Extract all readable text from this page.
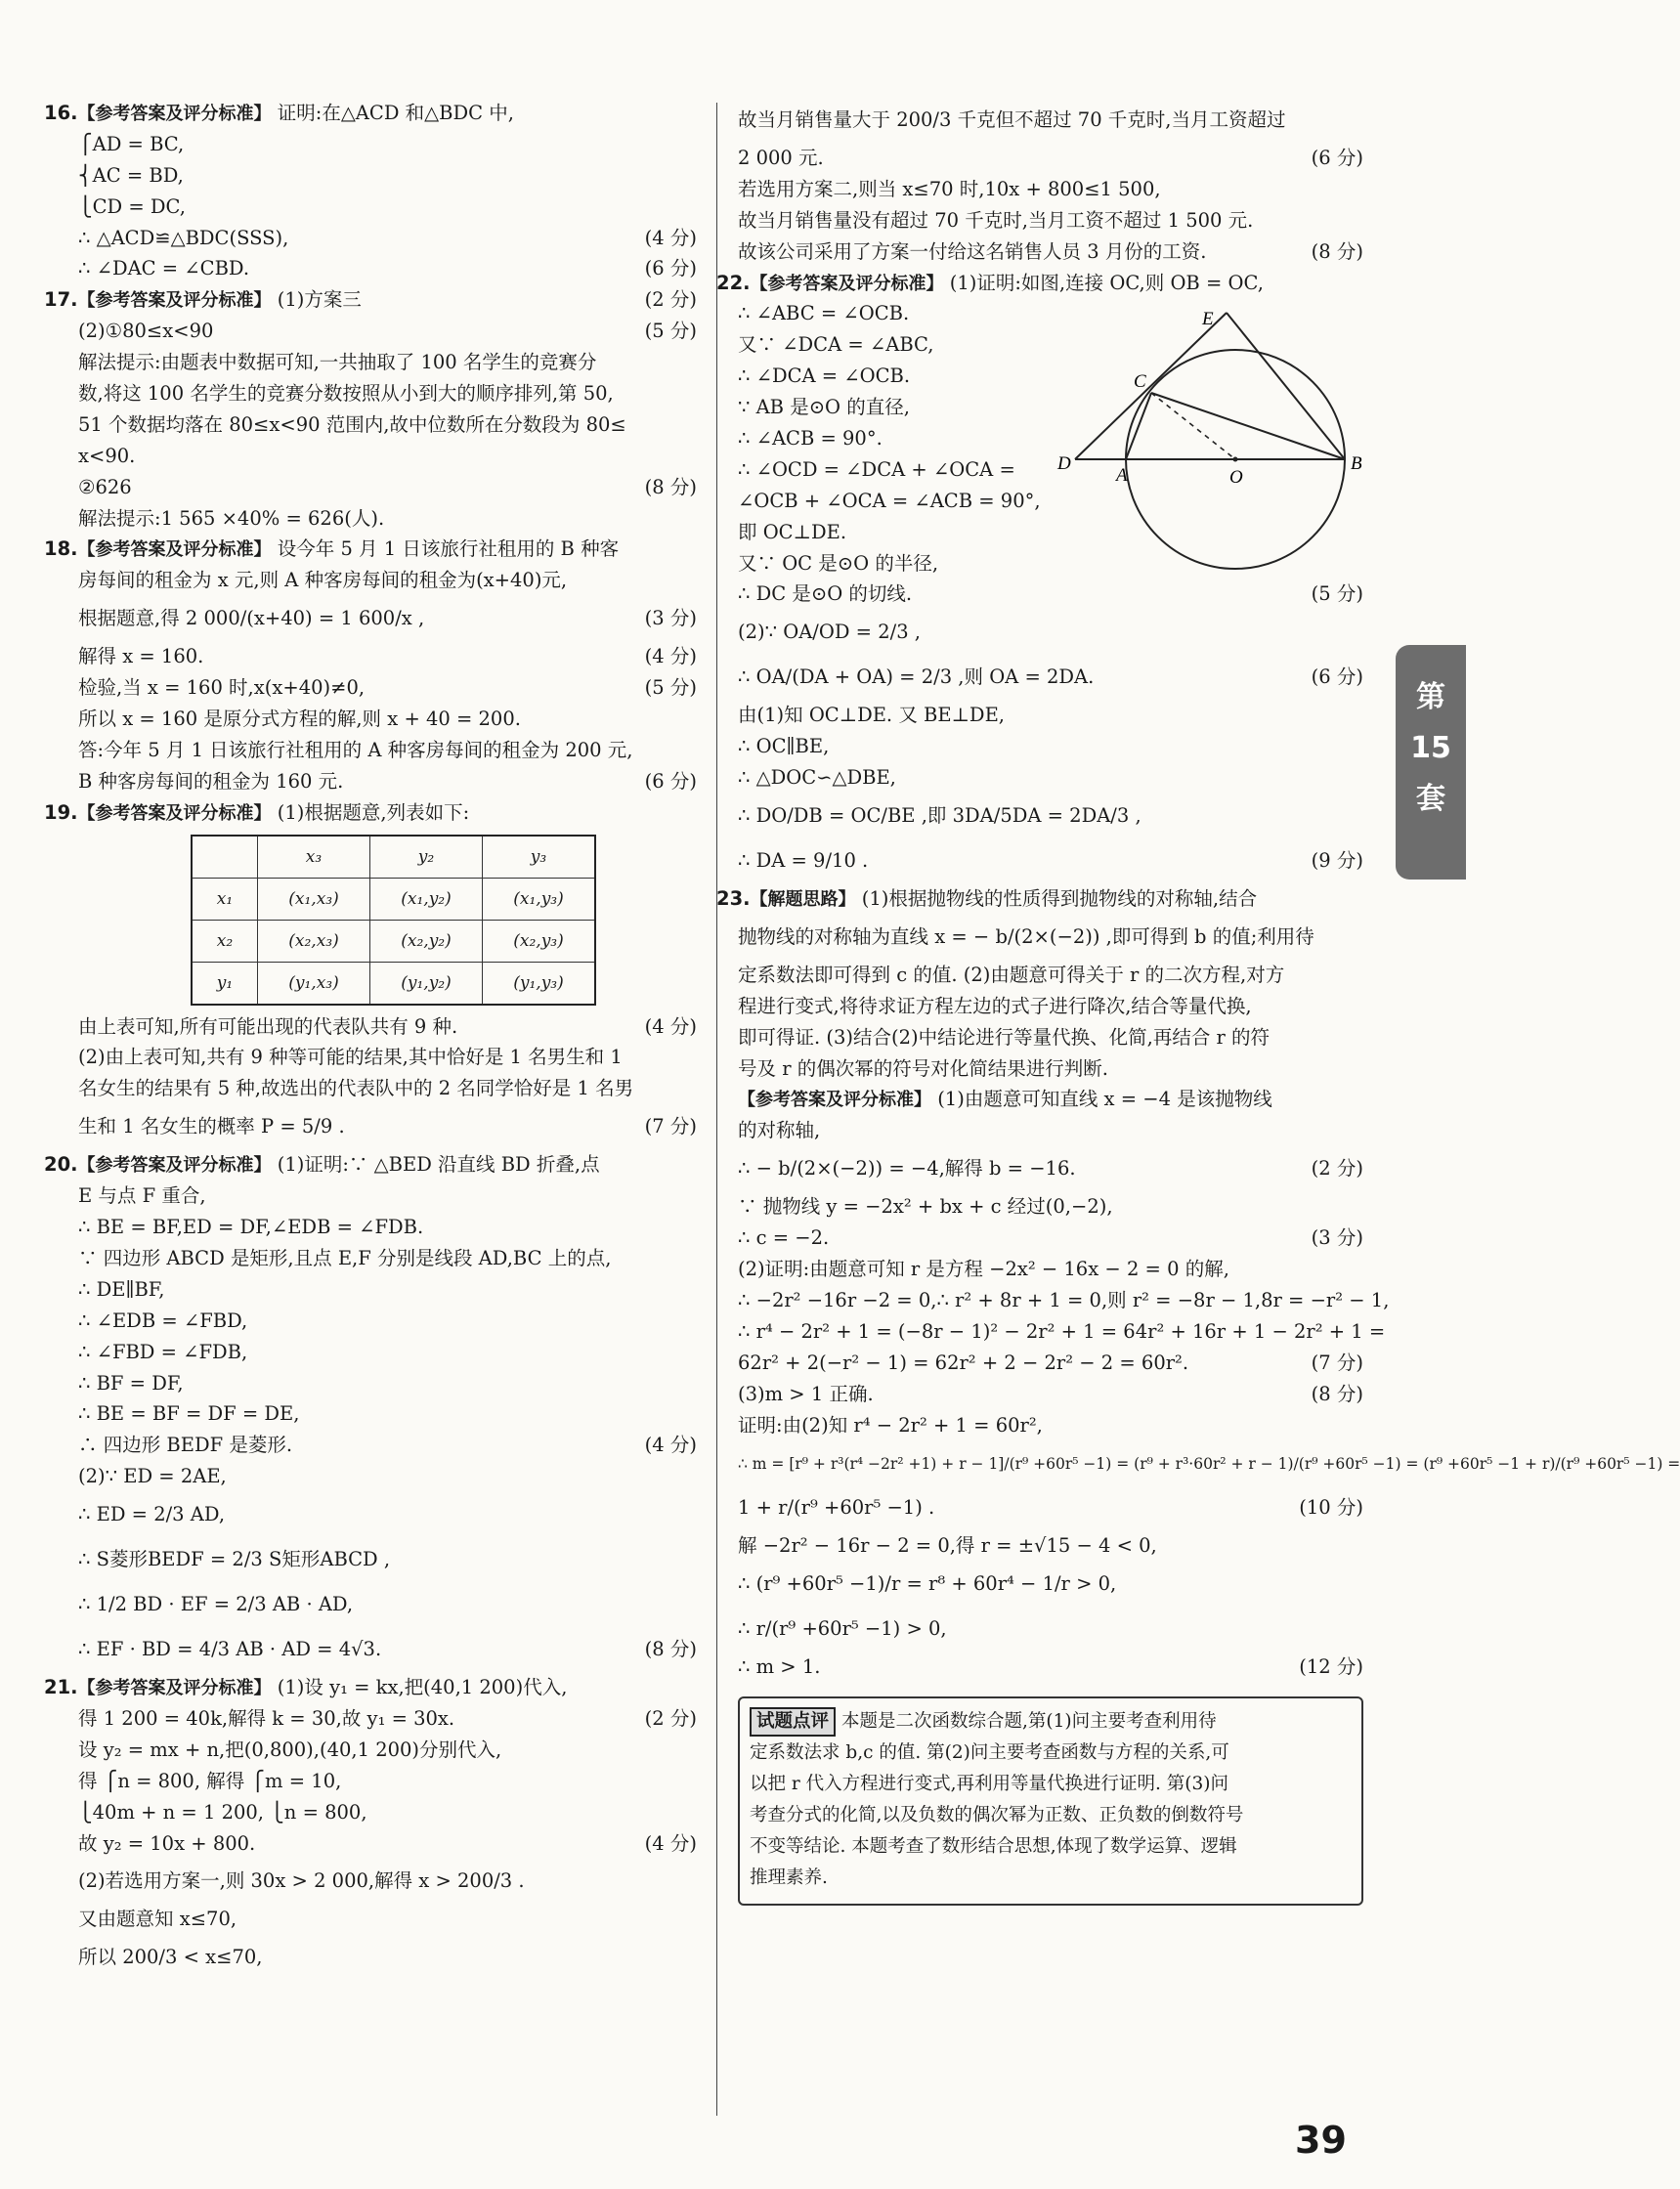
16.【参考答案及评分标准】 证明:在△ACD 和△BDC 中,
⎧AD = BC,
⎨AC = BD,
⎩CD = DC,
∴ △ACD≌△BDC(SSS),	(4 分)
∴ ∠DAC = ∠CBD.	(6 分)
17.【参考答案及评分标准】 (1)方案三	(2 分)
(2)①80≤x<90	(5 分)
解法提示:由题表中数据可知,一共抽取了 100 名学生的竞赛分
数,将这 100 名学生的竞赛分数按照从小到大的顺序排列,第 50,
51 个数据均落在 80≤x<90 范围内,故中位数所在分数段为 80≤
x<90.
②626	(8 分)
解法提示:1 565 ×40% = 626(人).
18.【参考答案及评分标准】 设今年 5 月 1 日该旅行社租用的 B 种客
房每间的租金为 x 元,则 A 种客房每间的租金为(x+40)元,
根据题意,得 2 000/(x+40) = 1 600/x ,	(3 分)
解得 x = 160.	(4 分)
检验,当 x = 160 时,x(x+40)≠0,	(5 分)
所以 x = 160 是原分式方程的解,则 x + 40 = 200.
答:今年 5 月 1 日该旅行社租用的 A 种客房每间的租金为 200 元,
B 种客房每间的租金为 160 元.	(6 分)
19.【参考答案及评分标准】 (1)根据题意,列表如下:
	x₃	y₂	y₃
x₁	(x₁,x₃)	(x₁,y₂)	(x₁,y₃)
x₂	(x₂,x₃)	(x₂,y₂)	(x₂,y₃)
y₁	(y₁,x₃)	(y₁,y₂)	(y₁,y₃)
由上表可知,所有可能出现的代表队共有 9 种.	(4 分)
(2)由上表可知,共有 9 种等可能的结果,其中恰好是 1 名男生和 1
名女生的结果有 5 种,故选出的代表队中的 2 名同学恰好是 1 名男
生和 1 名女生的概率 P = 5/9 .	(7 分)
20.【参考答案及评分标准】 (1)证明:∵ △BED 沿直线 BD 折叠,点
E 与点 F 重合,
∴ BE = BF,ED = DF,∠EDB = ∠FDB.
∵ 四边形 ABCD 是矩形,且点 E,F 分别是线段 AD,BC 上的点,
∴ DE∥BF,
∴ ∠EDB = ∠FBD,
∴ ∠FBD = ∠FDB,
∴ BF = DF,
∴ BE = BF = DF = DE,
∴ 四边形 BEDF 是菱形.	(4 分)
(2)∵ ED = 2AE,
∴ ED = 2/3 AD,
∴ S菱形BEDF = 2/3 S矩形ABCD ,
∴ 1/2 BD · EF = 2/3 AB · AD,
∴ EF · BD = 4/3 AB · AD = 4√3.	(8 分)
21.【参考答案及评分标准】 (1)设 y₁ = kx,把(40,1 200)代入,
得 1 200 = 40k,解得 k = 30,故 y₁ = 30x.	(2 分)
设 y₂ = mx + n,把(0,800),(40,1 200)分别代入,
得 ⎧n = 800, 解得 ⎧m = 10,
⎩40m + n = 1 200, ⎩n = 800,
故 y₂ = 10x + 800.	(4 分)
(2)若选用方案一,则 30x > 2 000,解得 x > 200/3 .
又由题意知 x≤70,
所以 200/3 < x≤70,
故当月销售量大于 200/3 千克但不超过 70 千克时,当月工资超过
2 000 元.	(6 分)
若选用方案二,则当 x≤70 时,10x + 800≤1 500,
故当月销售量没有超过 70 千克时,当月工资不超过 1 500 元.
故该公司采用了方案一付给这名销售人员 3 月份的工资.	(8 分)
22.【参考答案及评分标准】 (1)证明:如图,连接 OC,则 OB = OC,
∴ ∠ABC = ∠OCB.
又∵ ∠DCA = ∠ABC,
∴ ∠DCA = ∠OCB.
∵ AB 是⊙O 的直径,
∴ ∠ACB = 90°.
∴ ∠OCD = ∠DCA + ∠OCA =
∠OCB + ∠OCA = ∠ACB = 90°,
即 OC⊥DE.
又∵ OC 是⊙O 的半径,
∴ DC 是⊙O 的切线.	(5 分)
(2)∵ OA/OD = 2/3 ,
∴ OA/(DA + OA) = 2/3 ,则 OA = 2DA.	(6 分)
由(1)知 OC⊥DE. 又 BE⊥DE,
∴ OC∥BE,
∴ △DOC∽△DBE,
∴ DO/DB = OC/BE ,即 3DA/5DA = 2DA/3 ,
∴ DA = 9/10 .	(9 分)
23.【解题思路】 (1)根据抛物线的性质得到抛物线的对称轴,结合
抛物线的对称轴为直线 x = − b/(2×(−2)) ,即可得到 b 的值;利用待
定系数法即可得到 c 的值. (2)由题意可得关于 r 的二次方程,对方
程进行变式,将待求证方程左边的式子进行降次,结合等量代换,
即可得证. (3)结合(2)中结论进行等量代换、化简,再结合 r 的符
号及 r 的偶次幂的符号对化简结果进行判断.
【参考答案及评分标准】 (1)由题意可知直线 x = −4 是该抛物线
的对称轴,
∴ − b/(2×(−2)) = −4,解得 b = −16.	(2 分)
∵ 抛物线 y = −2x² + bx + c 经过(0,−2),
∴ c = −2.	(3 分)
(2)证明:由题意可知 r 是方程 −2x² − 16x − 2 = 0 的解,
∴ −2r² −16r −2 = 0,∴ r² + 8r + 1 = 0,则 r² = −8r − 1,8r = −r² − 1,
∴ r⁴ − 2r² + 1 = (−8r − 1)² − 2r² + 1 = 64r² + 16r + 1 − 2r² + 1 =
62r² + 2(−r² − 1) = 62r² + 2 − 2r² − 2 = 60r².	(7 分)
(3)m > 1 正确.	(8 分)
证明:由(2)知 r⁴ − 2r² + 1 = 60r²,
∴ m = [r⁹ + r³(r⁴ −2r² +1) + r − 1]/(r⁹ +60r⁵ −1) = (r⁹ + r³·60r² + r − 1)/(r⁹ +60r⁵ −1) = (r⁹ +60r⁵ −1 + r)/(r⁹ +60r⁵ −1) =
1 + r/(r⁹ +60r⁵ −1) .	(10 分)
解 −2r² − 16r − 2 = 0,得 r = ±√15 − 4 < 0,
∴ (r⁹ +60r⁵ −1)/r = r⁸ + 60r⁴ − 1/r > 0,
∴ r/(r⁹ +60r⁵ −1) > 0,
∴ m > 1.	(12 分)
试题点评 本题是二次函数综合题,第(1)问主要考查利用待
定系数法求 b,c 的值. 第(2)问主要考查函数与方程的关系,可
以把 r 代入方程进行变式,再利用等量代换进行证明. 第(3)问
考查分式的化简,以及负数的偶次幂为正数、正负数的倒数符号
不变等结论. 本题考查了数形结合思想,体现了数学运算、逻辑
推理素养.
E
C
D
A	O
B
第
15
套
39
